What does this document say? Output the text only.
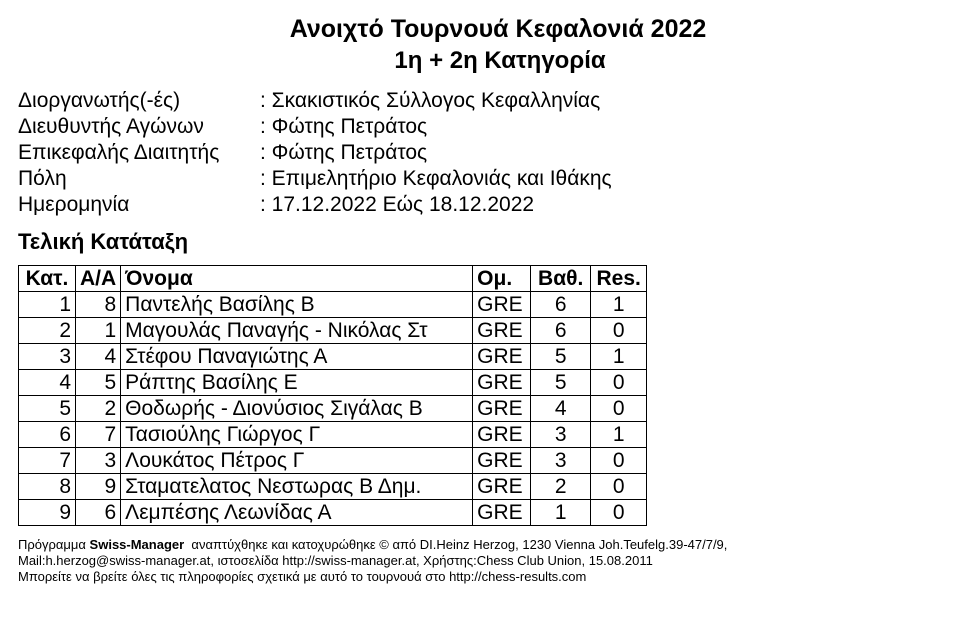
Ανοιχτό Τουρνουά Κεφαλονιά 2022
1η + 2η Κατηγορία
Διοργανωτής(-ές)	: Σκακιστικός Σύλλογος Κεφαλληνίας
Διευθυντής Αγώνων	: Φώτης Πετράτος
Επικεφαλής Διαιτητής	: Φώτης Πετράτος
Πόλη	: Επιμελητήριο Κεφαλονιάς και Ιθάκης
Ημερομηνία	: 17.12.2022 Εώς 18.12.2022
Τελική Κατάταξη
Κατ.	Α/Α	Όνομα	Ομ.	Βαθ.	Res.
1	8	Παντελής Βασίλης Β	GRE	6	1
2	1	Μαγουλάς Παναγής - Νικόλας Στ	GRE	6	0
3	4	Στέφου Παναγιώτης Α	GRE	5	1
4	5	Ράπτης Βασίλης Ε	GRE	5	0
5	2	Θοδωρής - Διονύσιος Σιγάλας Β	GRE	4	0
6	7	Τασιούλης Γιώργος Γ	GRE	3	1
7	3	Λουκάτος Πέτρος Γ	GRE	3	0
8	9	Σταματελατος Νεστωρας Β Δημ.	GRE	2	0
9	6	Λεμπέσης Λεωνίδας Α	GRE	1	0
Πρόγραμμα Swiss-Manager  αναπτύχθηκε και κατοχυρώθηκε © από DI.Heinz Herzog, 1230 Vienna Joh.Teufelg.39-47/7/9,
Mail:h.herzog@swiss-manager.at, ιστοσελίδα http://swiss-manager.at, Χρήστης:Chess Club Union, 15.08.2011
Μπορείτε να βρείτε όλες τις πληροφορίες σχετικά με αυτό το τουρνουά στο http://chess-results.com
